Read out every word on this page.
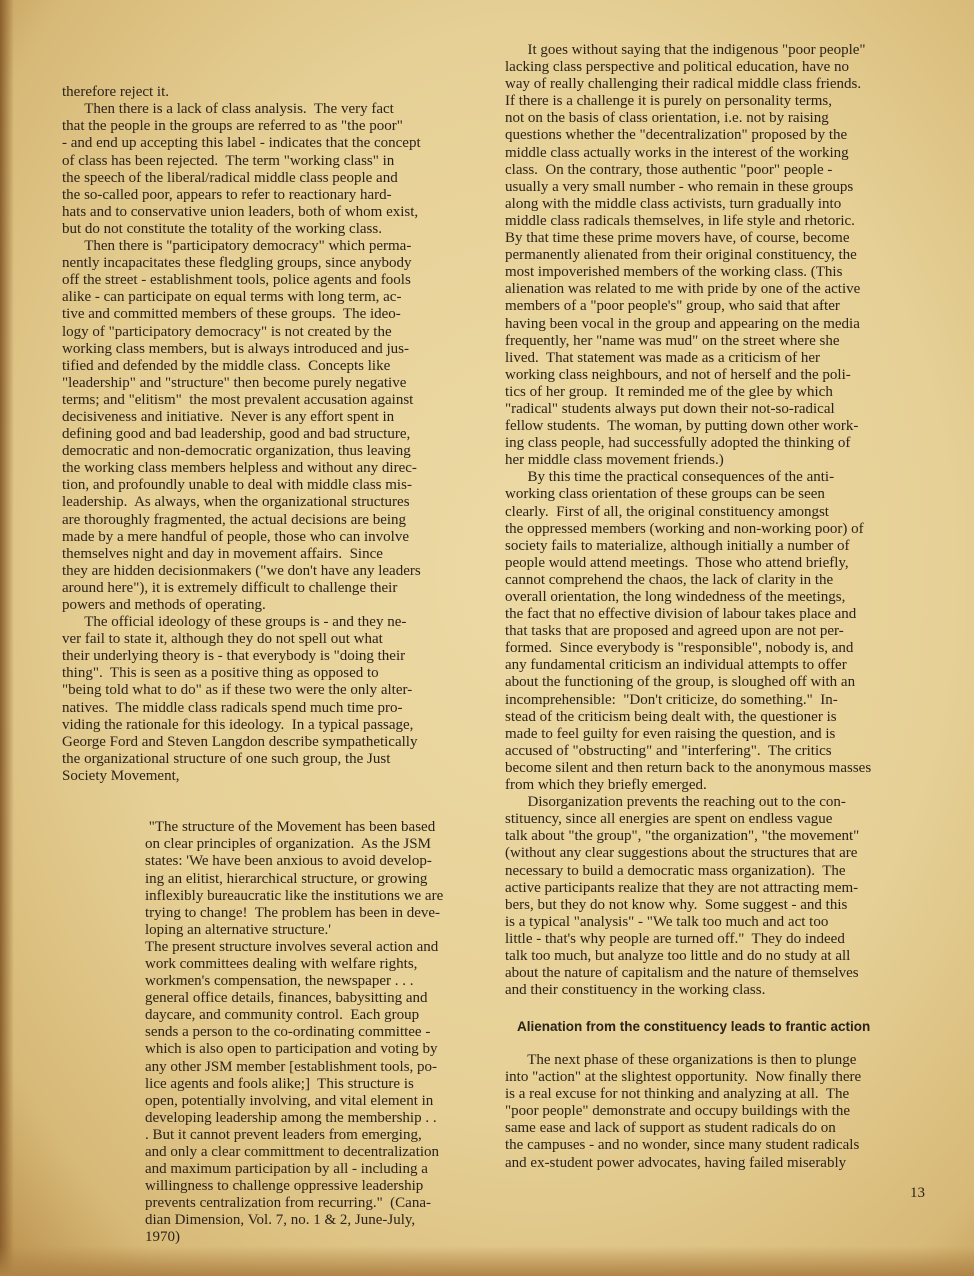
therefore reject it.
Then there is a lack of class analysis.  The very fact
that the people in the groups are referred to as "the poor"
- and end up accepting this label - indicates that the concept
of class has been rejected.  The term "working class" in
the speech of the liberal/radical middle class people and
the so-called poor, appears to refer to reactionary hard-
hats and to conservative union leaders, both of whom exist,
but do not constitute the totality of the working class.
Then there is "participatory democracy" which perma-
nently incapacitates these fledgling groups, since anybody
off the street - establishment tools, police agents and fools
alike - can participate on equal terms with long term, ac-
tive and committed members of these groups.  The ideo-
logy of "participatory democracy" is not created by the
working class members, but is always introduced and jus-
tified and defended by the middle class.  Concepts like
"leadership" and "structure" then become purely negative
terms; and "elitism"  the most prevalent accusation against
decisiveness and initiative.  Never is any effort spent in
defining good and bad leadership, good and bad structure,
democratic and non-democratic organization, thus leaving
the working class members helpless and without any direc-
tion, and profoundly unable to deal with middle class mis-
leadership.  As always, when the organizational structures
are thoroughly fragmented, the actual decisions are being
made by a mere handful of people, those who can involve
themselves night and day in movement affairs.  Since
they are hidden decisionmakers ("we don't have any leaders
around here"), it is extremely difficult to challenge their
powers and methods of operating.
The official ideology of these groups is - and they ne-
ver fail to state it, although they do not spell out what
their underlying theory is - that everybody is "doing their
thing".  This is seen as a positive thing as opposed to
"being told what to do" as if these two were the only alter-
natives.  The middle class radicals spend much time pro-
viding the rationale for this ideology.  In a typical passage,
George Ford and Steven Langdon describe sympathetically
the organizational structure of one such group, the Just
Society Movement,

"The structure of the Movement has been based
on clear principles of organization.  As the JSM
states: 'We have been anxious to avoid develop-
ing an elitist, hierarchical structure, or growing
inflexibly bureaucratic like the institutions we are
trying to change!  The problem has been in deve-
loping an alternative structure.'
The present structure involves several action and
work committees dealing with welfare rights,
workmen's compensation, the newspaper . . .
general office details, finances, babysitting and
daycare, and community control.  Each group
sends a person to the co-ordinating committee -
which is also open to participation and voting by
any other JSM member [establishment tools, po-
lice agents and fools alike;]  This structure is
open, potentially involving, and vital element in
developing leadership among the membership . .
. But it cannot prevent leaders from emerging,
and only a clear committment to decentralization
and maximum participation by all - including a
willingness to challenge oppressive leadership
prevents centralization from recurring."  (Cana-
dian Dimension, Vol. 7, no. 1 & 2, June-July,
1970)

It goes without saying that the indigenous "poor people"
lacking class perspective and political education, have no
way of really challenging their radical middle class friends.
If there is a challenge it is purely on personality terms,
not on the basis of class orientation, i.e. not by raising
questions whether the "decentralization" proposed by the
middle class actually works in the interest of the working
class.  On the contrary, those authentic "poor" people -
usually a very small number - who remain in these groups
along with the middle class activists, turn gradually into
middle class radicals themselves, in life style and rhetoric.
By that time these prime movers have, of course, become
permanently alienated from their original constituency, the
most impoverished members of the working class. (This
alienation was related to me with pride by one of the active
members of a "poor people's" group, who said that after
having been vocal in the group and appearing on the media
frequently, her "name was mud" on the street where she
lived.  That statement was made as a criticism of her
working class neighbours, and not of herself and the poli-
tics of her group.  It reminded me of the glee by which
"radical" students always put down their not-so-radical
fellow students.  The woman, by putting down other work-
ing class people, had successfully adopted the thinking of
her middle class movement friends.)
By this time the practical consequences of the anti-
working class orientation of these groups can be seen
clearly.  First of all, the original constituency amongst
the oppressed members (working and non-working poor) of
society fails to materialize, although initially a number of
people would attend meetings.  Those who attend briefly,
cannot comprehend the chaos, the lack of clarity in the
overall orientation, the long windedness of the meetings,
the fact that no effective division of labour takes place and
that tasks that are proposed and agreed upon are not per-
formed.  Since everybody is "responsible", nobody is, and
any fundamental criticism an individual attempts to offer
about the functioning of the group, is sloughed off with an
incomprehensible:  "Don't criticize, do something."  In-
stead of the criticism being dealt with, the questioner is
made to feel guilty for even raising the question, and is
accused of "obstructing" and "interfering".  The critics
become silent and then return back to the anonymous masses
from which they briefly emerged.
Disorganization prevents the reaching out to the con-
stituency, since all energies are spent on endless vague
talk about "the group", "the organization", "the movement"
(without any clear suggestions about the structures that are
necessary to build a democratic mass organization).  The
active participants realize that they are not attracting mem-
bers, but they do not know why.  Some suggest - and this
is a typical "analysis" - "We talk too much and act too
little - that's why people are turned off."  They do indeed
talk too much, but analyze too little and do no study at all
about the nature of capitalism and the nature of themselves
and their constituency in the working class.
Alienation from the constituency leads to frantic action
The next phase of these organizations is then to plunge
into "action" at the slightest opportunity.  Now finally there
is a real excuse for not thinking and analyzing at all.  The
"poor people" demonstrate and occupy buildings with the
same ease and lack of support as student radicals do on
the campuses - and no wonder, since many student radicals
and ex-student power advocates, having failed miserably
13
